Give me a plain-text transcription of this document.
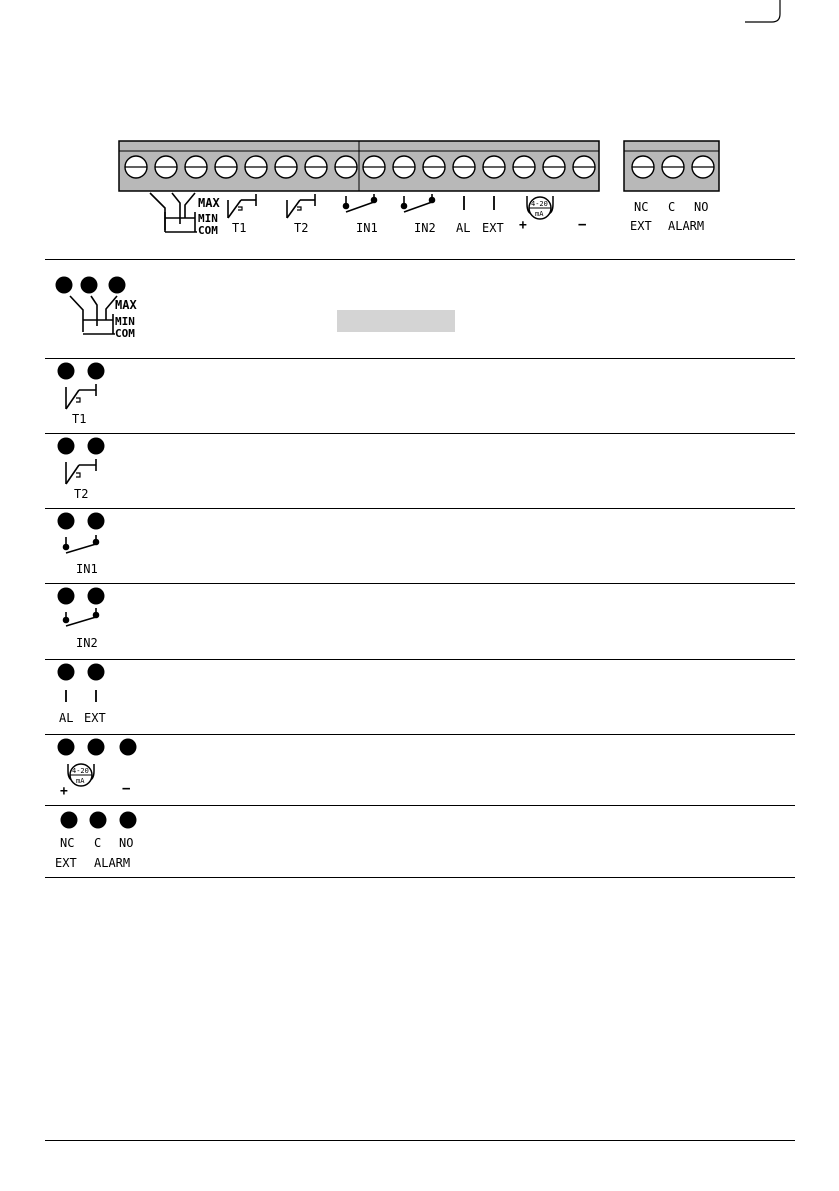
MAX
MIN
COM T1	T2	IN1	IN2 AL EXT
4-20
mA
+	−
NC C NO
EXT ALARM
MAX
MIN
COM
T1
T2
IN1
IN2
AL EXT
4-20
mA
+	−
NC C NO
EXT ALARM
